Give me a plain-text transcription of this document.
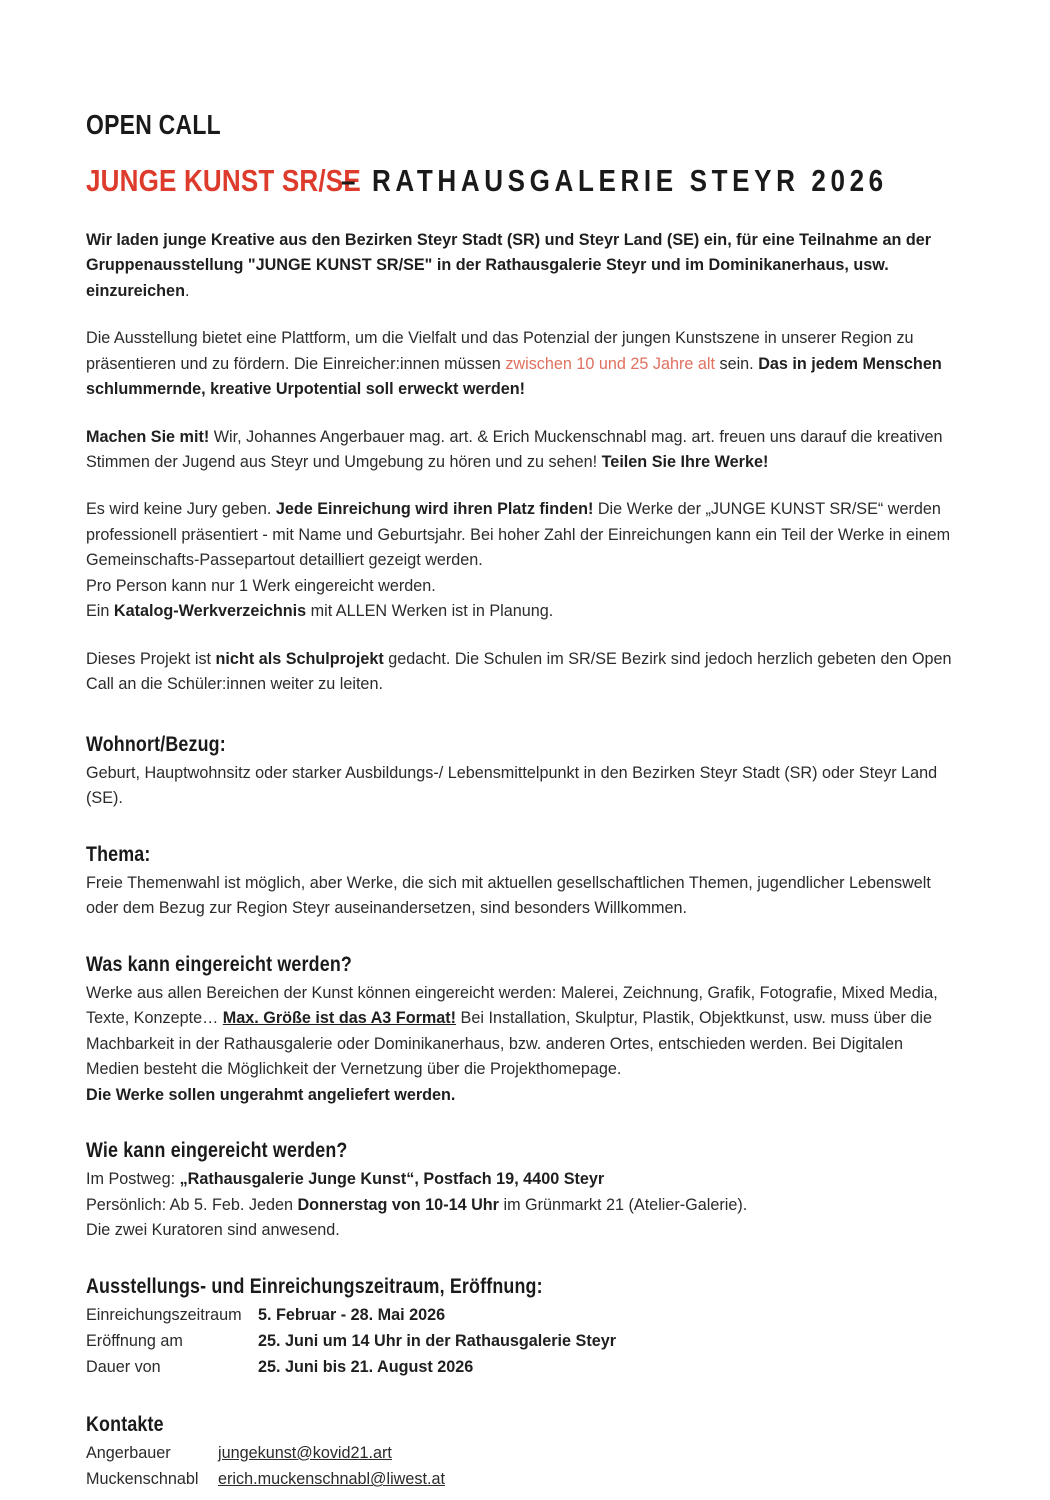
OPEN CALL
JUNGE KUNST SR/SE– RATHAUSGALERIE STEYR 2026

Wir laden junge Kreative aus den Bezirken Steyr Stadt (SR) und Steyr Land (SE) ein, für eine Teilnahme an der Gruppenausstellung "JUNGE KUNST SR/SE" in der Rathausgalerie Steyr und im Dominikanerhaus, usw. einzureichen.

Die Ausstellung bietet eine Plattform, um die Vielfalt und das Potenzial der jungen Kunstszene in unserer Region zu präsentieren und zu fördern. Die Einreicher:innen müssen zwischen 10 und 25 Jahre alt sein. Das in jedem Menschen schlummernde, kreative Urpotential soll erweckt werden!

Machen Sie mit! Wir, Johannes Angerbauer mag. art. & Erich Muckenschnabl mag. art. freuen uns darauf die kreativen Stimmen der Jugend aus Steyr und Umgebung zu hören und zu sehen! Teilen Sie Ihre Werke!

Es wird keine Jury geben. Jede Einreichung wird ihren Platz finden! Die Werke der „JUNGE KUNST SR/SE“ werden professionell präsentiert - mit Name und Geburtsjahr. Bei hoher Zahl der Einreichungen kann ein Teil der Werke in einem Gemeinschafts-Passepartout detailliert gezeigt werden.

Pro Person kann nur 1 Werk eingereicht werden.

Ein Katalog-Werkverzeichnis mit ALLEN Werken ist in Planung.

Dieses Projekt ist nicht als Schulprojekt gedacht. Die Schulen im SR/SE Bezirk sind jedoch herzlich gebeten den Open Call an die Schüler:innen weiter zu leiten.

Wohnort/Bezug:

Geburt, Hauptwohnsitz oder starker Ausbildungs-/ Lebensmittelpunkt in den Bezirken Steyr Stadt (SR) oder Steyr Land (SE).

Thema:

Freie Themenwahl ist möglich, aber Werke, die sich mit aktuellen gesellschaftlichen Themen, jugendlicher Lebenswelt oder dem Bezug zur Region Steyr auseinandersetzen, sind besonders Willkommen.

Was kann eingereicht werden?

Werke aus allen Bereichen der Kunst können eingereicht werden: Malerei, Zeichnung, Grafik, Fotografie, Mixed Media, Texte, Konzepte… Max. Größe ist das A3 Format! Bei Installation, Skulptur, Plastik, Objektkunst, usw. muss über die Machbarkeit in der Rathausgalerie oder Dominikanerhaus, bzw. anderen Ortes, entschieden werden. Bei Digitalen Medien besteht die Möglichkeit der Vernetzung über die Projekthomepage.

Die Werke sollen ungerahmt angeliefert werden.

Wie kann eingereicht werden?

Im Postweg: „Rathausgalerie Junge Kunst“, Postfach 19, 4400 Steyr

Persönlich: Ab 5. Feb. Jeden Donnerstag von 10-14 Uhr im Grünmarkt 21 (Atelier-Galerie).

Die zwei Kuratoren sind anwesend.

Ausstellungs- und Einreichungszeitraum, Eröffnung:
Einreichungszeitraum	5. Februar - 28. Mai 2026
Eröffnung am	25. Juni um 14 Uhr in der Rathausgalerie Steyr
Dauer von	25. Juni bis 21. August 2026
Kontakte
Angerbauer	jungekunst@kovid21.art
Muckenschnabl	erich.muckenschnabl@liwest.at
